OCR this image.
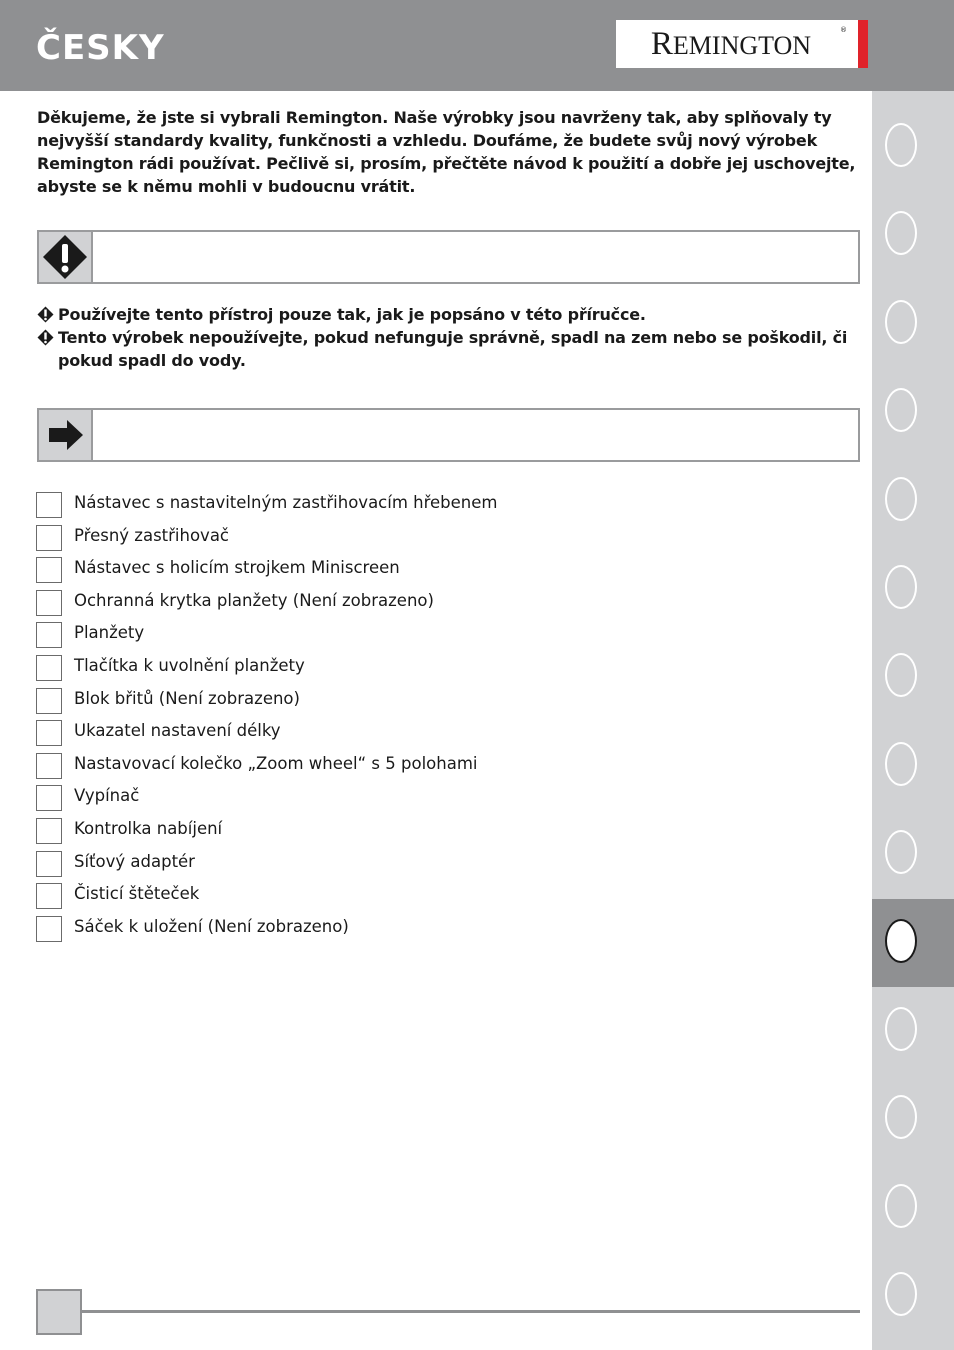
ČESKY	REMINGTON
®

Děkujeme, že jste si vybrali Remington. Naše výrobky jsou navrženy tak, aby splňovaly ty nejvyšší standardy kvality, funkčnosti a vzhledu. Doufáme, že budete svůj nový výrobek Remington rádi používat. Pečlivě si, prosím, přečtěte návod k použití a dobře jej uschovejte, abyste se k němu mohli v budoucnu vrátit.

Používejte tento přístroj pouze tak, jak je popsáno v této příručce.
Tento výrobek nepoužívejte, pokud nefunguje správně, spadl na zem nebo se poškodil, či pokud spadl do vody.
Nástavec s nastavitelným zastřihovacím hřebenem
Přesný zastřihovač
Nástavec s holicím strojkem Miniscreen
Ochranná krytka planžety (Není zobrazeno)
Planžety
Tlačítka k uvolnění planžety
Blok břitů (Není zobrazeno)
Ukazatel nastavení délky
Nastavovací kolečko „Zoom wheel“ s 5 polohami
Vypínač
Kontrolka nabíjení
Síťový adaptér
Čisticí štěteček
Sáček k uložení (Není zobrazeno)
